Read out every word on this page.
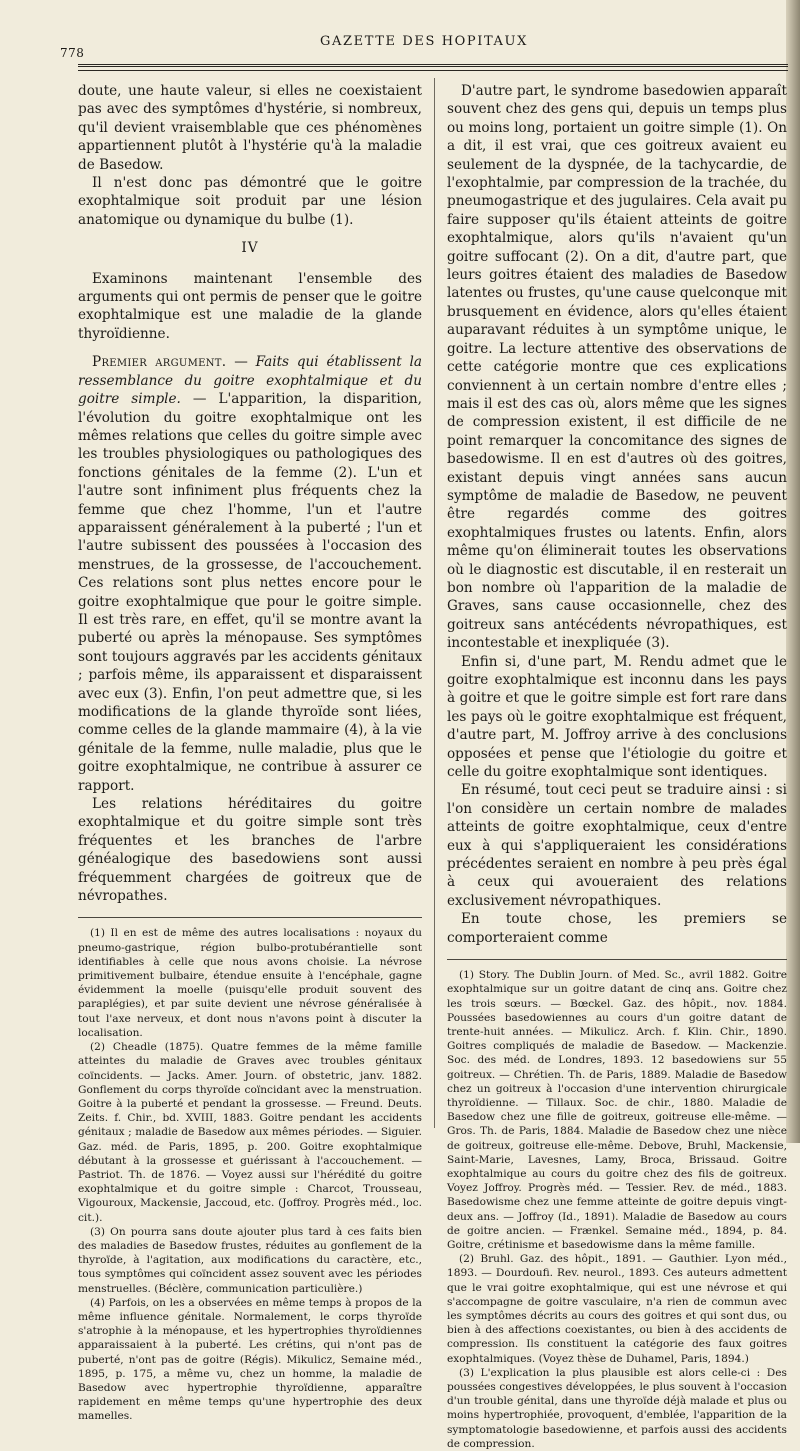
778
GAZETTE DES HOPITAUX

doute, une haute valeur, si elles ne coexistaient pas avec des symptômes d'hystérie, si nombreux, qu'il devient vraisemblable que ces phénomènes appartiennent plutôt à l'hystérie qu'à la maladie de Basedow.

Il n'est donc pas démontré que le goitre exophtalmique soit produit par une lésion anatomique ou dynamique du bulbe (1).

IV

Examinons maintenant l'ensemble des arguments qui ont permis de penser que le goitre exophtalmique est une maladie de la glande thyroïdienne.

Premier argument. — Faits qui établissent la ressemblance du goitre exophtalmique et du goitre simple. — L'apparition, la disparition, l'évolution du goitre exophtalmique ont les mêmes relations que celles du goitre simple avec les troubles physiologiques ou pathologiques des fonctions génitales de la femme (2). L'un et l'autre sont infiniment plus fréquents chez la femme que chez l'homme, l'un et l'autre apparaissent généralement à la puberté ; l'un et l'autre subissent des poussées à l'occasion des menstrues, de la grossesse, de l'accouchement. Ces relations sont plus nettes encore pour le goitre exophtalmique que pour le goitre simple. Il est très rare, en effet, qu'il se montre avant la puberté ou après la ménopause. Ses symptômes sont toujours aggravés par les accidents génitaux ; parfois même, ils apparaissent et disparaissent avec eux (3). Enfin, l'on peut admettre que, si les modifications de la glande thyroïde sont liées, comme celles de la glande mammaire (4), à la vie génitale de la femme, nulle maladie, plus que le goitre exophtalmique, ne contribue à assurer ce rapport.

Les relations héréditaires du goitre exophtalmique et du goitre simple sont très fréquentes et les branches de l'arbre généalogique des basedowiens sont aussi fréquemment chargées de goitreux que de névropathes.

(1) Il en est de même des autres localisations : noyaux du pneumo-gastrique, région bulbo-protubérantielle sont identifiables à celle que nous avons choisie. La névrose primitivement bulbaire, étendue ensuite à l'encéphale, gagne évidemment la moelle (puisqu'elle produit souvent des paraplégies), et par suite devient une névrose généralisée à tout l'axe nerveux, et dont nous n'avons point à discuter la localisation.

(2) Cheadle (1875). Quatre femmes de la même famille atteintes du maladie de Graves avec troubles génitaux coïncidents. — Jacks. Amer. Journ. of obstetric, janv. 1882. Gonflement du corps thyroïde coïncidant avec la menstruation. Goitre à la puberté et pendant la grossesse. — Freund. Deuts. Zeits. f. Chir., bd. XVIII, 1883. Goitre pendant les accidents génitaux ; maladie de Basedow aux mêmes périodes. — Siguier. Gaz. méd. de Paris, 1895, p. 200. Goitre exophtalmique débutant à la grossesse et guérissant à l'accouchement. — Pastriot. Th. de 1876. — Voyez aussi sur l'hérédité du goitre exophtalmique et du goitre simple : Charcot, Trousseau, Vigouroux, Mackensie, Jaccoud, etc. (Joffroy. Progrès méd., loc. cit.).

(3) On pourra sans doute ajouter plus tard à ces faits bien des maladies de Basedow frustes, réduites au gonflement de la thyroïde, à l'agitation, aux modifications du caractère, etc., tous symptômes qui coïncident assez souvent avec les périodes menstruelles. (Béclère, communication particulière.)

(4) Parfois, on les a observées en même temps à propos de la même influence génitale. Normalement, le corps thyroïde s'atrophie à la ménopause, et les hypertrophies thyroïdiennes apparaissaient à la puberté. Les crétins, qui n'ont pas de puberté, n'ont pas de goitre (Régis). Mikulicz, Semaine méd., 1895, p. 175, a même vu, chez un homme, la maladie de Basedow avec hypertrophie thyroïdienne, apparaître rapidement en même temps qu'une hypertrophie des deux mamelles.

D'autre part, le syndrome basedowien apparaît souvent chez des gens qui, depuis un temps plus ou moins long, portaient un goitre simple (1). On a dit, il est vrai, que ces goitreux avaient eu seulement de la dyspnée, de la tachycardie, de l'exophtalmie, par compression de la trachée, du pneumogastrique et des jugulaires. Cela avait pu faire supposer qu'ils étaient atteints de goitre exophtalmique, alors qu'ils n'avaient qu'un goitre suffocant (2). On a dit, d'autre part, que leurs goitres étaient des maladies de Basedow latentes ou frustes, qu'une cause quelconque mit brusquement en évidence, alors qu'elles étaient auparavant réduites à un symptôme unique, le goitre. La lecture attentive des observations de cette catégorie montre que ces explications conviennent à un certain nombre d'entre elles ; mais il est des cas où, alors même que les signes de compression existent, il est difficile de ne point remarquer la concomitance des signes de basedowisme. Il en est d'autres où des goitres, existant depuis vingt années sans aucun symptôme de maladie de Basedow, ne peuvent être regardés comme des goitres exophtalmiques frustes ou latents. Enfin, alors même qu'on éliminerait toutes les observations où le diagnostic est discutable, il en resterait un bon nombre où l'apparition de la maladie de Graves, sans cause occasionnelle, chez des goitreux sans antécédents névropathiques, est incontestable et inexpliquée (3).

Enfin si, d'une part, M. Rendu admet que le goitre exophtalmique est inconnu dans les pays à goitre et que le goitre simple est fort rare dans les pays où le goitre exophtalmique est fréquent, d'autre part, M. Joffroy arrive à des conclusions opposées et pense que l'étiologie du goitre et celle du goitre exophtalmique sont identiques.

En résumé, tout ceci peut se traduire ainsi : si l'on considère un certain nombre de malades atteints de goitre exophtalmique, ceux d'entre eux à qui s'appliqueraient les considérations précédentes seraient en nombre à peu près égal à ceux qui avoueraient des relations exclusivement névropathiques.

En toute chose, les premiers se comporteraient comme

(1) Story. The Dublin Journ. of Med. Sc., avril 1882. Goitre exophtalmique sur un goitre datant de cinq ans. Goitre chez les trois sœurs. — Bœckel. Gaz. des hôpit., nov. 1884. Poussées basedowiennes au cours d'un goitre datant de trente-huit années. — Mikulicz. Arch. f. Klin. Chir., 1890. Goitres compliqués de maladie de Basedow. — Mackenzie. Soc. des méd. de Londres, 1893. 12 basedowiens sur 55 goitreux. — Chrétien. Th. de Paris, 1889. Maladie de Basedow chez un goitreux à l'occasion d'une intervention chirurgicale thyroïdienne. — Tillaux. Soc. de chir., 1880. Maladie de Basedow chez une fille de goitreux, goitreuse elle-même. — Gros. Th. de Paris, 1884. Maladie de Basedow chez une nièce de goitreux, goitreuse elle-même. Debove, Bruhl, Mackensie, Saint-Marie, Lavesnes, Lamy, Broca, Brissaud. Goitre exophtalmique au cours du goitre chez des fils de goitreux. Voyez Joffroy. Progrès méd. — Tessier. Rev. de méd., 1883. Basedowisme chez une femme atteinte de goitre depuis vingt-deux ans. — Joffroy (Id., 1891). Maladie de Basedow au cours de goitre ancien. — Frænkel. Semaine méd., 1894, p. 84. Goitre, crétinisme et basedowisme dans la même famille.

(2) Bruhl. Gaz. des hôpit., 1891. — Gauthier. Lyon méd., 1893. — Dourdoufi. Rev. neurol., 1893. Ces auteurs admettent que le vrai goitre exophtalmique, qui est une névrose et qui s'accompagne de goitre vasculaire, n'a rien de commun avec les symptômes décrits au cours des goitres et qui sont dus, ou bien à des affections coexistantes, ou bien à des accidents de compression. Ils constituent la catégorie des faux goitres exophtalmiques. (Voyez thèse de Duhamel, Paris, 1894.)

(3) L'explication la plus plausible est alors celle-ci : Des poussées congestives développées, le plus souvent à l'occasion d'un trouble génital, dans une thyroïde déjà malade et plus ou moins hypertrophiée, provoquent, d'emblée, l'apparition de la symptomatologie basedowienne, et parfois aussi des accidents de compression.
